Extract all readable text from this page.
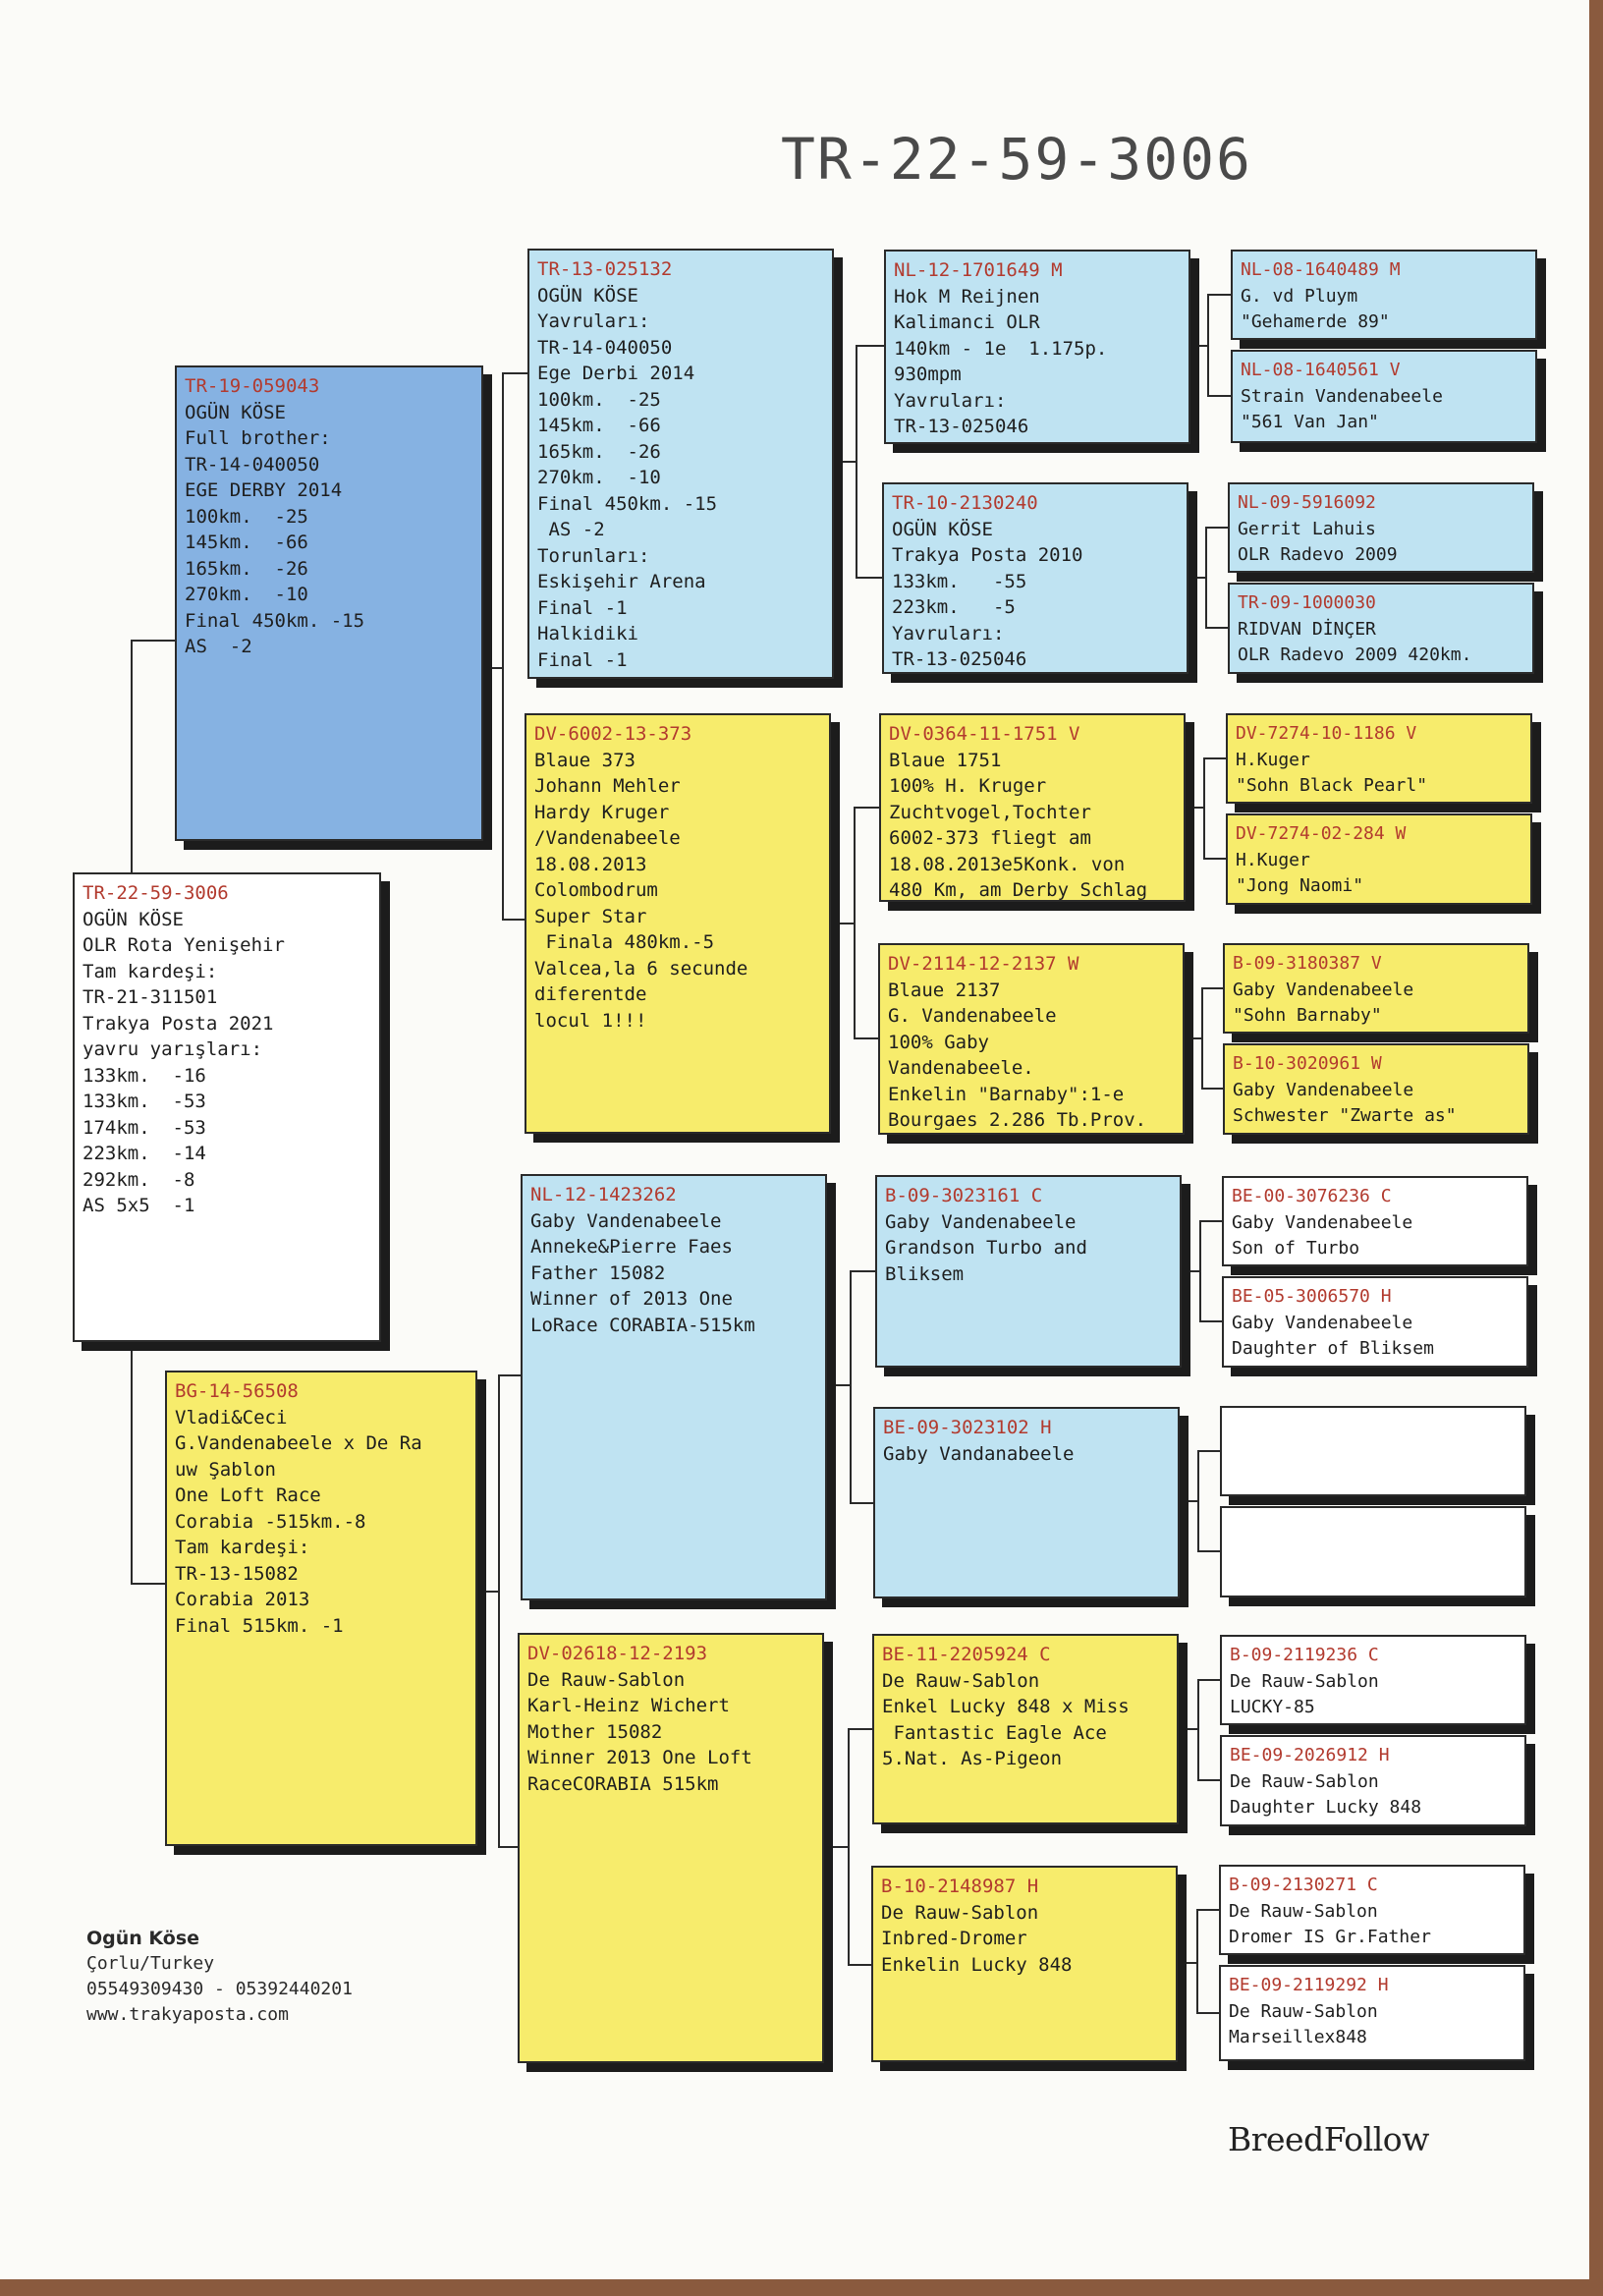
TR-22-59-3006
TR-22-59-3006
OGÜN KÖSE
OLR Rota Yenişehir
Tam kardeşi:
TR-21-311501
Trakya Posta 2021
yavru yarışları:
133km.  -16
133km.  -53
174km.  -53
223km.  -14
292km.  -8
AS 5x5  -1
TR-19-059043
OGÜN KÖSE
Full brother:
TR-14-040050
EGE DERBY 2014
100km.  -25
145km.  -66
165km.  -26
270km.  -10
Final 450km. -15
AS  -2
BG-14-56508
Vladi&Ceci
G.Vandenabeele x De Ra
uw Şablon
One Loft Race
Corabia -515km.-8
Tam kardeşi:
TR-13-15082
Corabia 2013
Final 515km. -1
TR-13-025132
OGÜN KÖSE
Yavruları:
TR-14-040050
Ege Derbi 2014
100km.  -25
145km.  -66
165km.  -26
270km.  -10
Final 450km. -15
AS -2
Torunları:
Eskişehir Arena
Final -1
Halkidiki
Final -1
DV-6002-13-373
Blaue 373
Johann Mehler
Hardy Kruger
/Vandenabeele
18.08.2013
Colombodrum
Super Star
Finala 480km.-5
Valcea,la 6 secunde
diferentde
locul 1!!!
NL-12-1423262
Gaby Vandenabeele
Anneke&Pierre Faes
Father 15082
Winner of 2013 One
LoRace CORABIA-515km
DV-02618-12-2193
De Rauw-Sablon
Karl-Heinz Wichert
Mother 15082
Winner 2013 One Loft
RaceCORABIA 515km
NL-12-1701649 M
Hok M Reijnen
Kalimanci OLR
140km - 1e  1.175p.
930mpm
Yavruları:
TR-13-025046
TR-10-2130240
OGÜN KÖSE
Trakya Posta 2010
133km.   -55
223km.   -5
Yavruları:
TR-13-025046
DV-0364-11-1751 V
Blaue 1751
100% H. Kruger
Zuchtvogel,Tochter
6002-373 fliegt am
18.08.2013e5Konk. von
480 Km, am Derby Schlag
DV-2114-12-2137 W
Blaue 2137
G. Vandenabeele
100% Gaby
Vandenabeele.
Enkelin "Barnaby":1-e
Bourgaes 2.286 Tb.Prov.
B-09-3023161 C
Gaby Vandenabeele
Grandson Turbo and
Bliksem
BE-09-3023102 H
Gaby Vandanabeele
BE-11-2205924 C
De Rauw-Sablon
Enkel Lucky 848 x Miss
Fantastic Eagle Ace
5.Nat. As-Pigeon
B-10-2148987 H
De Rauw-Sablon
Inbred-Dromer
Enkelin Lucky 848
NL-08-1640489 M
G. vd Pluym
"Gehamerde 89"
NL-08-1640561 V
Strain Vandenabeele
"561 Van Jan"
NL-09-5916092
Gerrit Lahuis
OLR Radevo 2009
TR-09-1000030
RIDVAN DİNÇER
OLR Radevo 2009 420km.
DV-7274-10-1186 V
H.Kuger
"Sohn Black Pearl"
DV-7274-02-284 W
H.Kuger
"Jong Naomi"
B-09-3180387 V
Gaby Vandenabeele
"Sohn Barnaby"
B-10-3020961 W
Gaby Vandenabeele
Schwester "Zwarte as"
BE-00-3076236 C
Gaby Vandenabeele
Son of Turbo
BE-05-3006570 H
Gaby Vandenabeele
Daughter of Bliksem
B-09-2119236 C
De Rauw-Sablon
LUCKY-85
BE-09-2026912 H
De Rauw-Sablon
Daughter Lucky 848
B-09-2130271 C
De Rauw-Sablon
Dromer IS Gr.Father
BE-09-2119292 H
De Rauw-Sablon
Marseillex848
Ogün Köse
Çorlu/Turkey
05549309430 - 05392440201
www.trakyaposta.com
BreedFollow
